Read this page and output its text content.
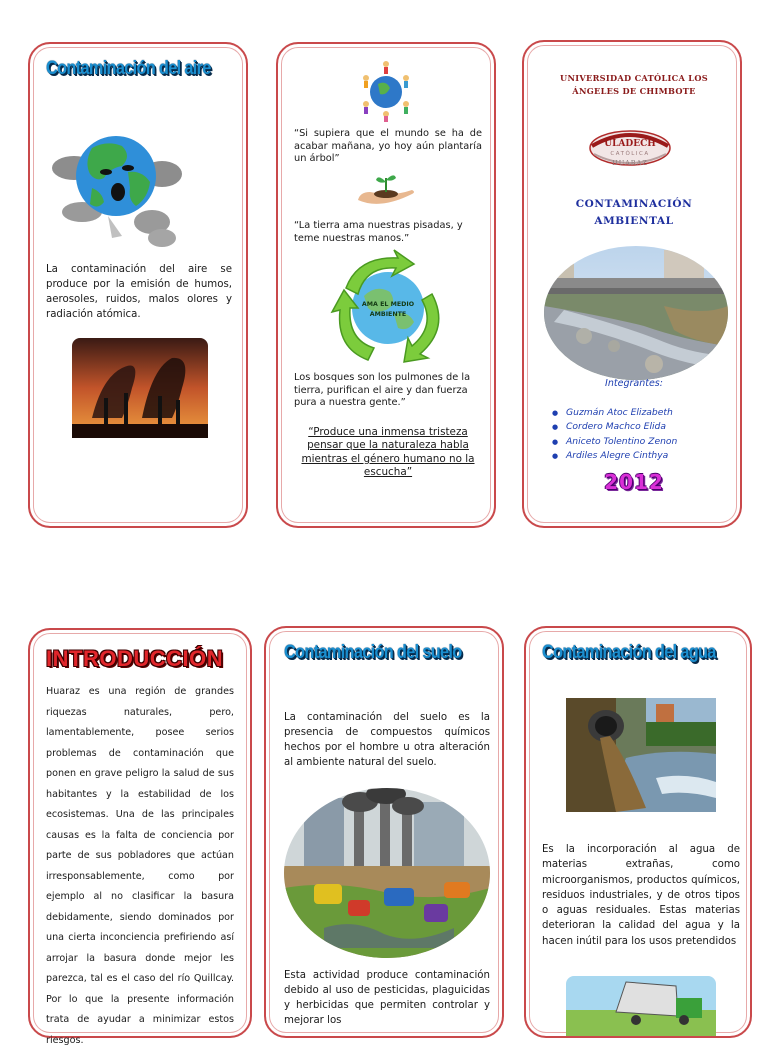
Contaminación del aire
La contaminación del aire se produce por la emisión de humos, aerosoles, ruidos, malos olores y radiación atómica.
“Si supiera que el mundo se ha de acabar mañana, yo hoy aún plantaría un árbol”
“La tierra ama nuestras pisadas, y teme nuestras manos.”
AMA EL MEDIO AMBIENTE
Los bosques son los pulmones de la tierra, purifican el aire y dan fuerza pura a nuestra gente.”
“Produce una inmensa tristeza pensar que la naturaleza habla mientras el género humano no la escucha”
UNIVERSIDAD CATÓLICA LOS ÁNGELES DE CHIMBOTE
ULADECH
CATÓLICA
HUARAZ
CONTAMINACIÓN
AMBIENTAL
Integrantes:
● Guzmán Atoc Elizabeth
● Cordero Machco Elida
● Aniceto Tolentino Zenon
● Ardiles Alegre Cinthya
2012
INTRODUCCIÓN
Huaraz es una región de grandes riquezas naturales, pero, lamentablemente, posee serios problemas de contaminación que ponen en grave peligro la salud de sus habitantes y la estabilidad de los ecosistemas. Una de las principales causas es la falta de conciencia por parte de sus pobladores que actúan irresponsablemente, como por ejemplo al no clasificar la basura debidamente, siendo dominados por una cierta inconciencia prefiriendo así arrojar la basura donde mejor les parezca, tal es el caso del río Quillcay. Por lo que la presente información trata de ayudar a minimizar estos riesgos.
Contaminación del suelo
La contaminación del suelo es la presencia de compuestos químicos hechos por el hombre u otra alteración al ambiente natural del suelo.
Esta actividad produce contaminación debido al uso de pesticidas, plaguicidas y herbicidas que permiten controlar y mejorar los
Contaminación del agua
Es la incorporación al agua de materias extrañas, como microorganismos, productos químicos, residuos industriales, y de otros tipos o aguas residuales. Estas materias deterioran la calidad del agua y la hacen inútil para los usos pretendidos
